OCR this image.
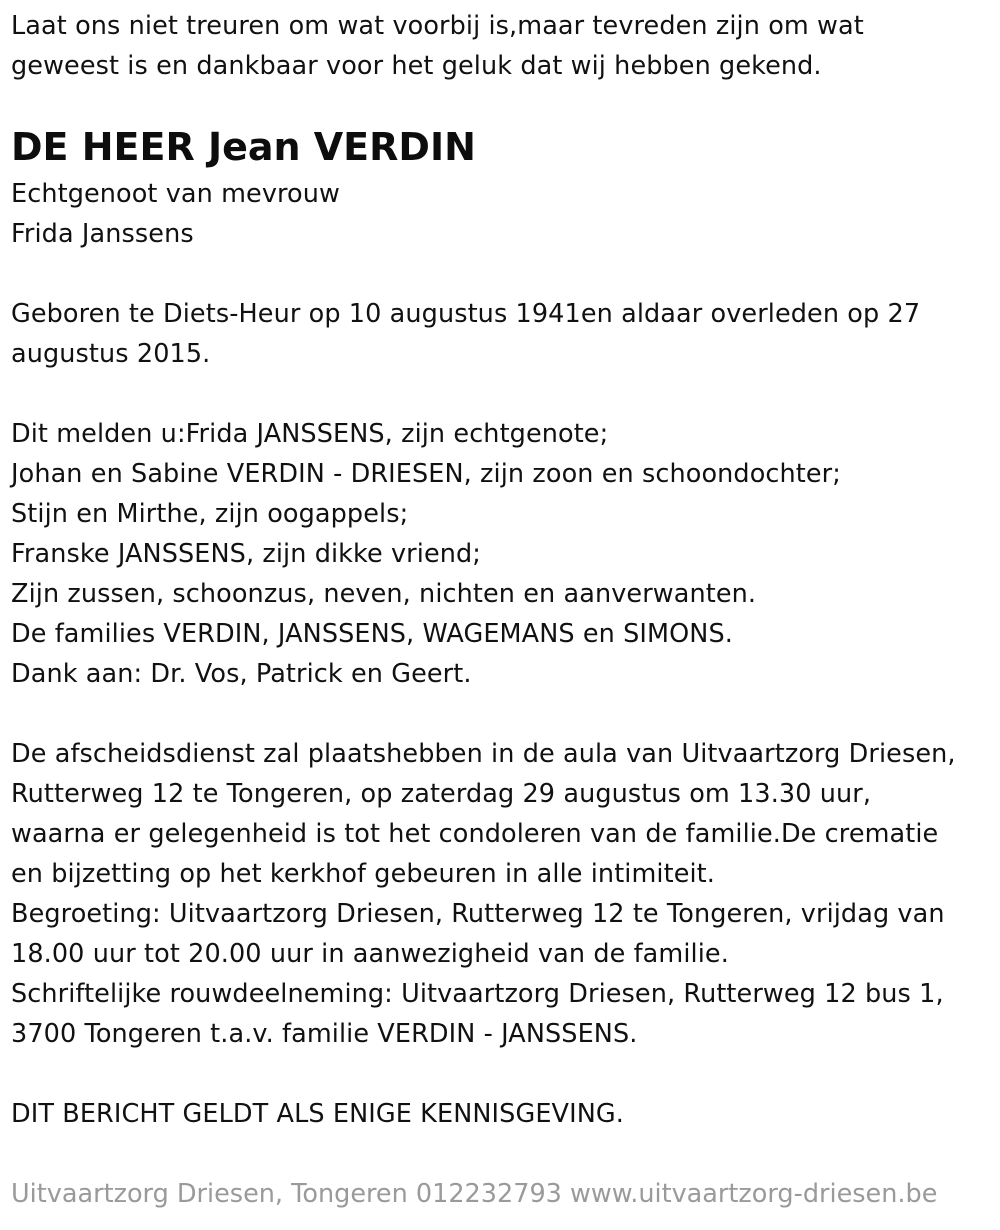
Laat ons niet treuren om wat voorbij is,maar tevreden zijn om wat
geweest is en dankbaar voor het geluk dat wij hebben gekend.
DE HEER Jean VERDIN
Echtgenoot van mevrouw
Frida Janssens
Geboren te Diets-Heur op 10 augustus 1941en aldaar overleden op 27
augustus 2015.
Dit melden u:Frida JANSSENS, zijn echtgenote;
Johan en Sabine VERDIN - DRIESEN, zijn zoon en schoondochter;
Stijn en Mirthe, zijn oogappels;
Franske JANSSENS, zijn dikke vriend;
Zijn zussen, schoonzus, neven, nichten en aanverwanten.
De families VERDIN, JANSSENS, WAGEMANS en SIMONS.
Dank aan: Dr. Vos, Patrick en Geert.
De afscheidsdienst zal plaatshebben in de aula van Uitvaartzorg Driesen,
Rutterweg 12 te Tongeren, op zaterdag 29 augustus om 13.30 uur,
waarna er gelegenheid is tot het condoleren van de familie.De crematie
en bijzetting op het kerkhof gebeuren in alle intimiteit.
Begroeting: Uitvaartzorg Driesen, Rutterweg 12 te Tongeren, vrijdag van
18.00 uur tot 20.00 uur in aanwezigheid van de familie.
Schriftelijke rouwdeelneming: Uitvaartzorg Driesen, Rutterweg 12 bus 1,
3700 Tongeren t.a.v. familie VERDIN - JANSSENS.
DIT BERICHT GELDT ALS ENIGE KENNISGEVING.
Uitvaartzorg Driesen, Tongeren 012232793 www.uitvaartzorg-driesen.be
